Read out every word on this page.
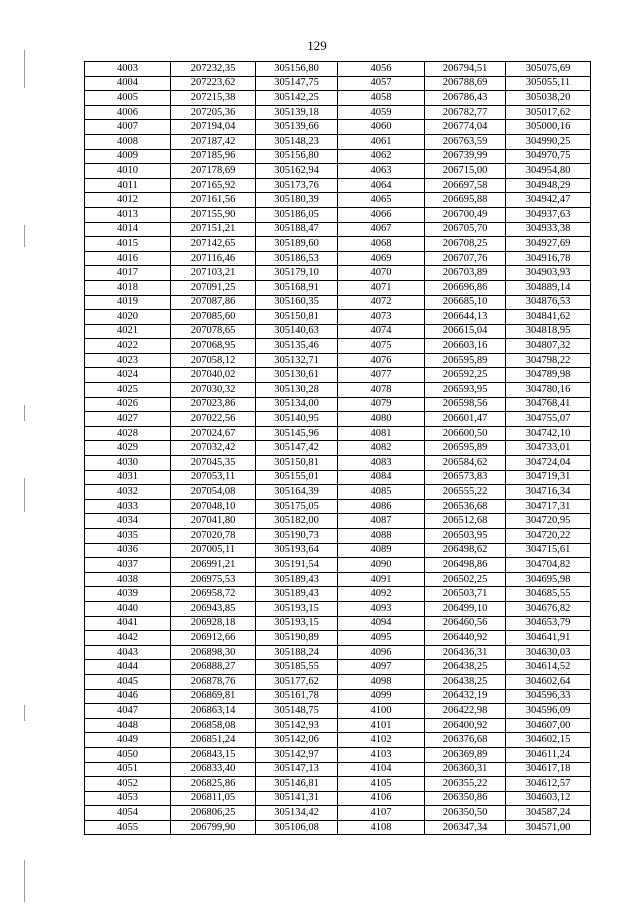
129
4003	207232,35	305156,80	4056	206794,51	305075,69
4004	207223,62	305147,75	4057	206788,69	305055,11
4005	207215,38	305142,25	4058	206786,43	305038,20
4006	207205,36	305139,18	4059	206782,77	305017,62
4007	207194,04	305139,66	4060	206774,04	305000,16
4008	207187,42	305148,23	4061	206763,59	304990,25
4009	207185,96	305156,80	4062	206739,99	304970,75
4010	207178,69	305162,94	4063	206715,00	304954,80
4011	207165,92	305173,76	4064	206697,58	304948,29
4012	207161,56	305180,39	4065	206695,88	304942,47
4013	207155,90	305186,05	4066	206700,49	304937,63
4014	207151,21	305188,47	4067	206705,70	304933,38
4015	207142,65	305189,60	4068	206708,25	304927,69
4016	207116,46	305186,53	4069	206707,76	304916,78
4017	207103,21	305179,10	4070	206703,89	304903,93
4018	207091,25	305168,91	4071	206696,86	304889,14
4019	207087,86	305160,35	4072	206685,10	304876,53
4020	207085,60	305150,81	4073	206644,13	304841,62
4021	207078,65	305140,63	4074	206615,04	304818,95
4022	207068,95	305135,46	4075	206603,16	304807,32
4023	207058,12	305132,71	4076	206595,89	304798,22
4024	207040,02	305130,61	4077	206592,25	304789,98
4025	207030,32	305130,28	4078	206593,95	304780,16
4026	207023,86	305134,00	4079	206598,56	304768,41
4027	207022,56	305140,95	4080	206601,47	304755,07
4028	207024,67	305145,96	4081	206600,50	304742,10
4029	207032,42	305147,42	4082	206595,89	304733,01
4030	207045,35	305150,81	4083	206584,62	304724,04
4031	207053,11	305155,01	4084	206573,83	304719,31
4032	207054,08	305164,39	4085	206555,22	304716,34
4033	207048,10	305175,05	4086	206536,68	304717,31
4034	207041,80	305182,00	4087	206512,68	304720,95
4035	207020,78	305190,73	4088	206503,95	304720,22
4036	207005,11	305193,64	4089	206498,62	304715,61
4037	206991,21	305191,54	4090	206498,86	304704,82
4038	206975,53	305189,43	4091	206502,25	304695,98
4039	206958,72	305189,43	4092	206503,71	304685,55
4040	206943,85	305193,15	4093	206499,10	304676,82
4041	206928,18	305193,15	4094	206460,56	304653,79
4042	206912,66	305190,89	4095	206440,92	304641,91
4043	206898,30	305188,24	4096	206436,31	304630,03
4044	206888,27	305185,55	4097	206438,25	304614,52
4045	206878,76	305177,62	4098	206438,25	304602,64
4046	206869,81	305161,78	4099	206432,19	304596,33
4047	206863,14	305148,75	4100	206422,98	304596,09
4048	206858,08	305142,93	4101	206400,92	304607,00
4049	206851,24	305142,06	4102	206376,68	304602,15
4050	206843,15	305142,97	4103	206369,89	304611,24
4051	206833,40	305147,13	4104	206360,31	304617,18
4052	206825,86	305146,81	4105	206355,22	304612,57
4053	206811,05	305141,31	4106	206350,86	304603,12
4054	206806,25	305134,42	4107	206350,50	304587,24
4055	206799,90	305106,08	4108	206347,34	304571,00
